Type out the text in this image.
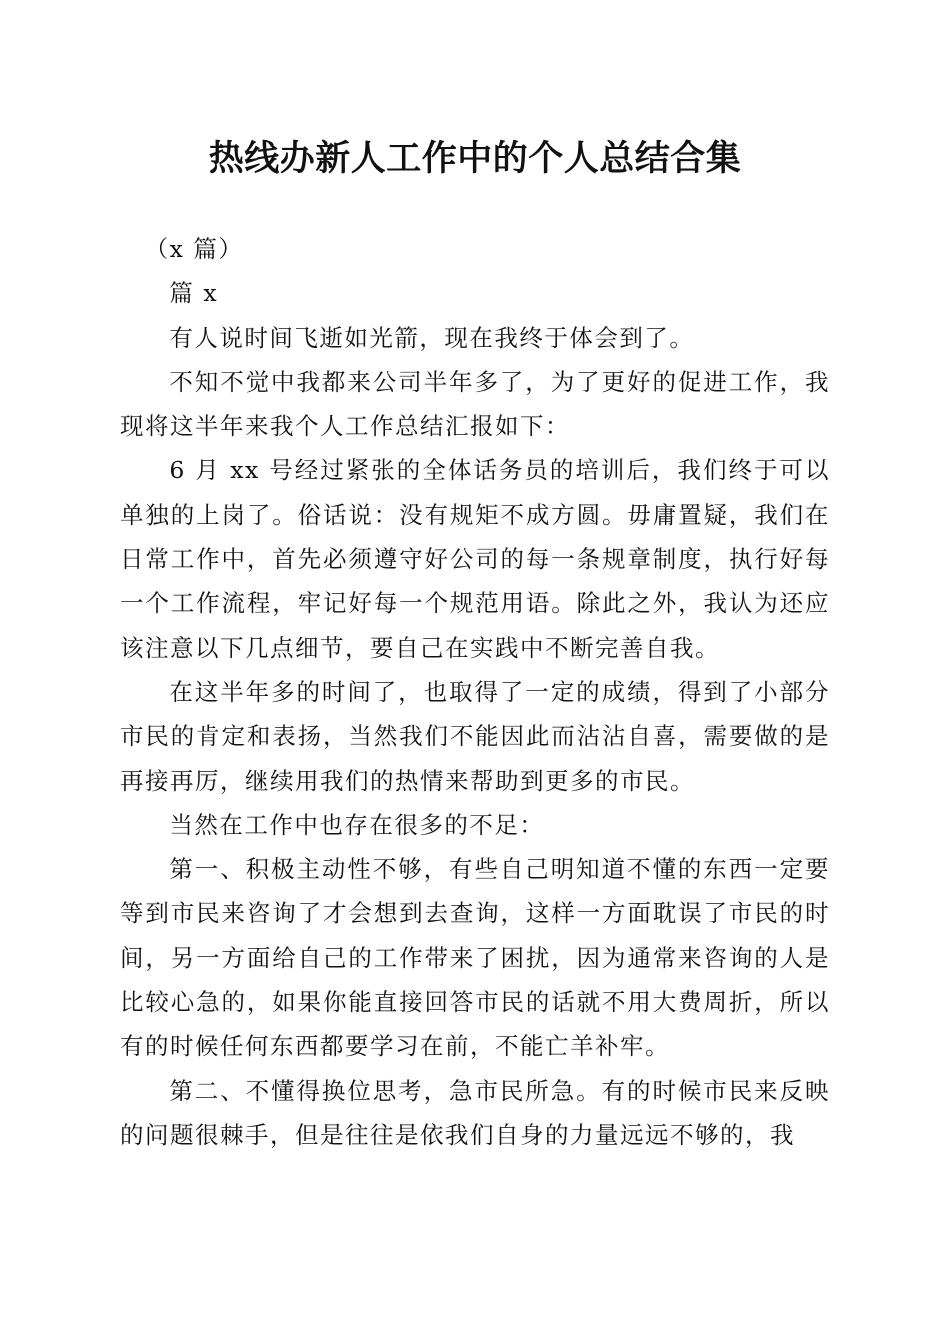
热线办新人工作中的个人总结合集

（x 篇）

篇 x

有人说时间飞逝如光箭，现在我终于体会到了。

不知不觉中我都来公司半年多了，为了更好的促进工作，我现将这半年来我个人工作总结汇报如下：

6 月 xx 号经过紧张的全体话务员的培训后，我们终于可以单独的上岗了。俗话说：没有规矩不成方圆。毋庸置疑，我们在日常工作中，首先必须遵守好公司的每一条规章制度，执行好每一个工作流程，牢记好每一个规范用语。除此之外，我认为还应该注意以下几点细节，要自己在实践中不断完善自我。

在这半年多的时间了，也取得了一定的成绩，得到了小部分市民的肯定和表扬，当然我们不能因此而沾沾自喜，需要做的是再接再厉，继续用我们的热情来帮助到更多的市民。

当然在工作中也存在很多的不足：

第一、积极主动性不够，有些自己明知道不懂的东西一定要等到市民来咨询了才会想到去查询，这样一方面耽误了市民的时间，另一方面给自己的工作带来了困扰，因为通常来咨询的人是比较心急的，如果你能直接回答市民的话就不用大费周折，所以有的时候任何东西都要学习在前，不能亡羊补牢。

第二、不懂得换位思考，急市民所急。有的时候市民来反映的问题很棘手，但是往往是依我们自身的力量远远不够的，我
